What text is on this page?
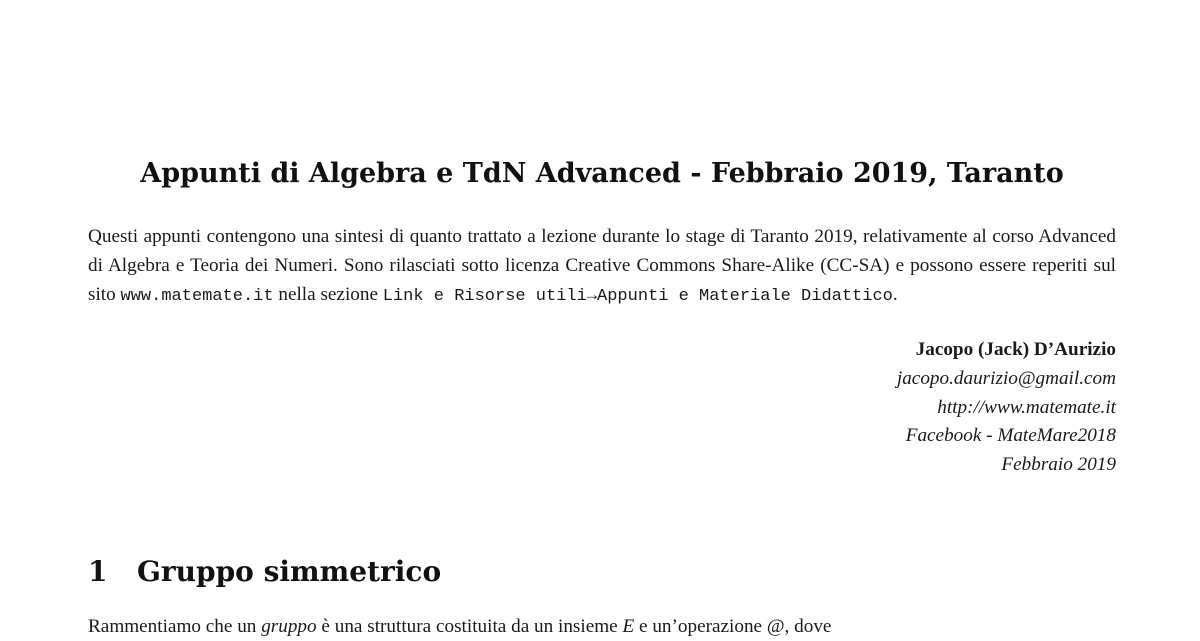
Appunti di Algebra e TdN Advanced - Febbraio 2019, Taranto
Questi appunti contengono una sintesi di quanto trattato a lezione durante lo stage di Taranto 2019, relativamente al corso Advanced di Algebra e Teoria dei Numeri. Sono rilasciati sotto licenza Creative Commons Share-Alike (CC-SA) e possono essere reperiti sul sito www.matemate.it nella sezione Link e Risorse utili→Appunti e Materiale Didattico.
Jacopo (Jack) D’Aurizio
jacopo.daurizio@gmail.com
http://www.matemate.it
Facebook - MateMare2018
Febbraio 2019
1 Gruppo simmetrico
Rammentiamo che un gruppo è una struttura costituita da un insieme E e un’operazione @, dove
